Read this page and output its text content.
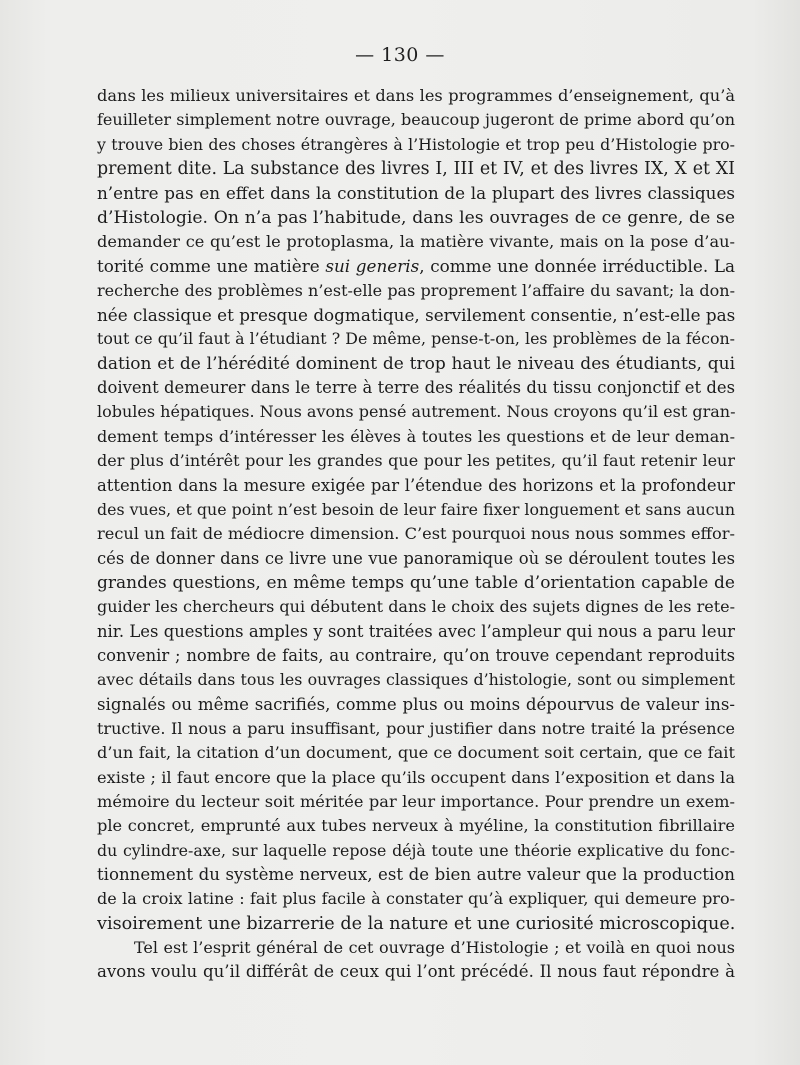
— 130 —
dans les milieux universitaires et dans les programmes d’enseignement, qu’à
feuilleter simplement notre ouvrage, beaucoup jugeront de prime abord qu’on
y trouve bien des choses étrangères à l’Histologie et trop peu d’Histologie pro-
prement dite. La substance des livres I, III et IV, et des livres IX, X et XI
n’entre pas en effet dans la constitution de la plupart des livres classiques
d’Histologie. On n’a pas l’habitude, dans les ouvrages de ce genre, de se
demander ce qu’est le protoplasma, la matière vivante, mais on la pose d’au-
torité comme une matière sui generis, comme une donnée irréductible. La
recherche des problèmes n’est-elle pas proprement l’affaire du savant; la don-
née classique et presque dogmatique, servilement consentie, n’est-elle pas
tout ce qu’il faut à l’étudiant ? De même, pense-t-on, les problèmes de la fécon-
dation et de l’hérédité dominent de trop haut le niveau des étudiants, qui
doivent demeurer dans le terre à terre des réalités du tissu conjonctif et des
lobules hépatiques. Nous avons pensé autrement. Nous croyons qu’il est gran-
dement temps d’intéresser les élèves à toutes les questions et de leur deman-
der plus d’intérêt pour les grandes que pour les petites, qu’il faut retenir leur
attention dans la mesure exigée par l’étendue des horizons et la profondeur
des vues, et que point n’est besoin de leur faire fixer longuement et sans aucun
recul un fait de médiocre dimension. C’est pourquoi nous nous sommes effor-
cés de donner dans ce livre une vue panoramique où se déroulent toutes les
grandes questions, en même temps qu’une table d’orientation capable de
guider les chercheurs qui débutent dans le choix des sujets dignes de les rete-
nir. Les questions amples y sont traitées avec l’ampleur qui nous a paru leur
convenir ; nombre de faits, au contraire, qu’on trouve cependant reproduits
avec détails dans tous les ouvrages classiques d’histologie, sont ou simplement
signalés ou même sacrifiés, comme plus ou moins dépourvus de valeur ins-
tructive. Il nous a paru insuffisant, pour justifier dans notre traité la présence
d’un fait, la citation d’un document, que ce document soit certain, que ce fait
existe ; il faut encore que la place qu’ils occupent dans l’exposition et dans la
mémoire du lecteur soit méritée par leur importance. Pour prendre un exem-
ple concret, emprunté aux tubes nerveux à myéline, la constitution fibrillaire
du cylindre-axe, sur laquelle repose déjà toute une théorie explicative du fonc-
tionnement du système nerveux, est de bien autre valeur que la production
de la croix latine : fait plus facile à constater qu’à expliquer, qui demeure pro-
visoirement une bizarrerie de la nature et une curiosité microscopique.
Tel est l’esprit général de cet ouvrage d’Histologie ; et voilà en quoi nous
avons voulu qu’il différât de ceux qui l’ont précédé. Il nous faut répondre à
